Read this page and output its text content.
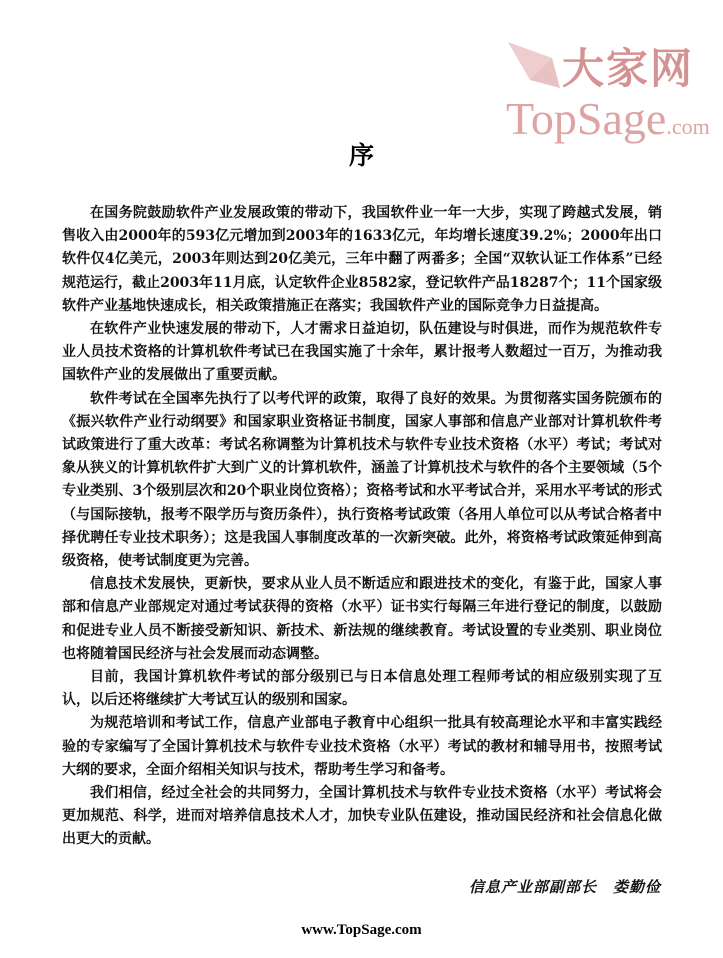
大家网
TopSage.com
序

在国务院鼓励软件产业发展政策的带动下，我国软件业一年一大步，实现了跨越式发展，销售收入由2000年的593亿元增加到2003年的1633亿元，年均增长速度39.2%；2000年出口软件仅4亿美元，2003年则达到20亿美元，三年中翻了两番多；全国“双软认证工作体系”已经规范运行，截止2003年11月底，认定软件企业8582家，登记软件产品18287个；11个国家级软件产业基地快速成长，相关政策措施正在落实；我国软件产业的国际竞争力日益提高。

在软件产业快速发展的带动下，人才需求日益迫切，队伍建设与时俱进，而作为规范软件专业人员技术资格的计算机软件考试已在我国实施了十余年，累计报考人数超过一百万，为推动我国软件产业的发展做出了重要贡献。

软件考试在全国率先执行了以考代评的政策，取得了良好的效果。为贯彻落实国务院颁布的《振兴软件产业行动纲要》和国家职业资格证书制度，国家人事部和信息产业部对计算机软件考试政策进行了重大改革：考试名称调整为计算机技术与软件专业技术资格（水平）考试；考试对象从狭义的计算机软件扩大到广义的计算机软件，涵盖了计算机技术与软件的各个主要领域（5个专业类别、3个级别层次和20个职业岗位资格）；资格考试和水平考试合并，采用水平考试的形式（与国际接轨，报考不限学历与资历条件），执行资格考试政策（各用人单位可以从考试合格者中择优聘任专业技术职务）；这是我国人事制度改革的一次新突破。此外，将资格考试政策延伸到高级资格，使考试制度更为完善。

信息技术发展快，更新快，要求从业人员不断适应和跟进技术的变化，有鉴于此，国家人事部和信息产业部规定对通过考试获得的资格（水平）证书实行每隔三年进行登记的制度，以鼓励和促进专业人员不断接受新知识、新技术、新法规的继续教育。考试设置的专业类别、职业岗位也将随着国民经济与社会发展而动态调整。

目前，我国计算机软件考试的部分级别已与日本信息处理工程师考试的相应级别实现了互认，以后还将继续扩大考试互认的级别和国家。

为规范培训和考试工作，信息产业部电子教育中心组织一批具有较高理论水平和丰富实践经验的专家编写了全国计算机技术与软件专业技术资格（水平）考试的教材和辅导用书，按照考试大纲的要求，全面介绍相关知识与技术，帮助考生学习和备考。

我们相信，经过全社会的共同努力，全国计算机技术与软件专业技术资格（水平）考试将会更加规范、科学，进而对培养信息技术人才，加快专业队伍建设，推动国民经济和社会信息化做出更大的贡献。

信息产业部副部长 娄勤俭
www.TopSage.com
